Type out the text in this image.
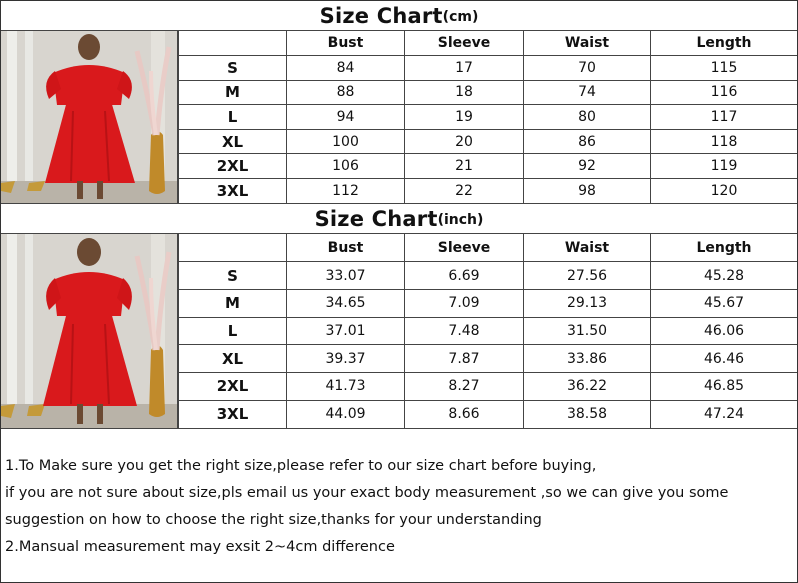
Size Chart (cm)
	Bust	Sleeve	Waist	Length
S	84	17	70	115
M	88	18	74	116
L	94	19	80	117
XL	100	20	86	118
2XL	106	21	92	119
3XL	112	22	98	120
Size Chart (inch)
	Bust	Sleeve	Waist	Length
S	33.07	6.69	27.56	45.28
M	34.65	7.09	29.13	45.67
L	37.01	7.48	31.50	46.06
XL	39.37	7.87	33.86	46.46
2XL	41.73	8.27	36.22	46.85
3XL	44.09	8.66	38.58	47.24
1.To Make sure you get the right size,please refer to our size chart before buying,
if you are not sure about size,pls email us your exact body measurement ,so we can give you some
suggestion on how to choose the right size,thanks for your understanding
2.Mansual measurement may exsit 2~4cm difference
